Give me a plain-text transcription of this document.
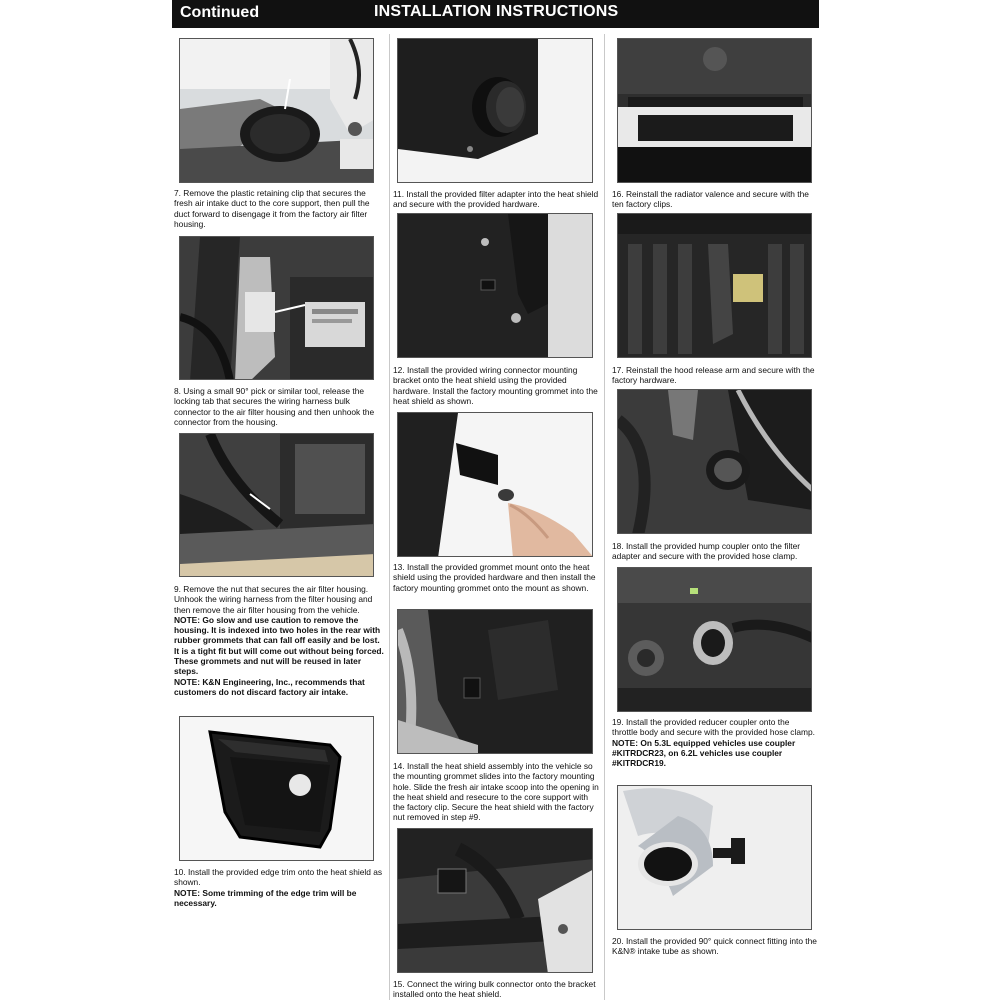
Continued	INSTALLATION INSTRUCTIONS
7. Remove the plastic retaining clip that secures the fresh air intake duct to the core support, then pull the duct forward to disengage it from the factory air filter housing.
8. Using a small 90° pick or similar tool, release the locking tab that secures the wiring harness bulk connector to the air filter housing and then unhook the connector from the housing.
9. Remove the nut that secures the air filter housing. Unhook the wiring harness from the filter housing and then remove the air filter housing from the vehicle.
NOTE: Go slow and use caution to remove the housing. It is indexed into two holes in the rear with rubber grommets that can fall off easily and be lost. It is a tight fit but will come out without being forced. These grommets and nut will be reused in later steps.
NOTE: K&N Engineering, Inc., recommends that customers do not discard factory air intake.
10. Install the provided edge trim onto the heat shield as shown.
NOTE: Some trimming of the edge trim will be necessary.
11. Install the provided filter adapter into the heat shield and secure with the provided hardware.
12. Install the provided wiring connector mounting bracket onto the heat shield using the provided hardware. Install the factory mounting grommet into the heat shield as shown.
13. Install the provided grommet mount onto the heat shield using the provided hardware and then install the factory mounting grommet onto the mount as shown.
14. Install the heat shield assembly into the vehicle so the mounting grommet slides into the factory mounting hole. Slide the fresh air intake scoop into the opening in the heat shield and resecure to the core support with the factory clip. Secure the heat shield with the factory nut removed in step #9.
15. Connect the wiring bulk connector onto the bracket installed onto the heat shield.
16. Reinstall the radiator valence and secure with the ten factory clips.
17. Reinstall the hood release arm and secure with the factory hardware.
18. Install the provided hump coupler onto the filter adapter and secure with the provided hose clamp.
19. Install the provided reducer coupler onto the throttle body and secure with the provided hose clamp.
NOTE: On 5.3L equipped vehicles use coupler #KITRDCR23, on 6.2L vehicles use coupler #KITRDCR19.
20. Install the provided 90° quick connect fitting into the K&N® intake tube as shown.
